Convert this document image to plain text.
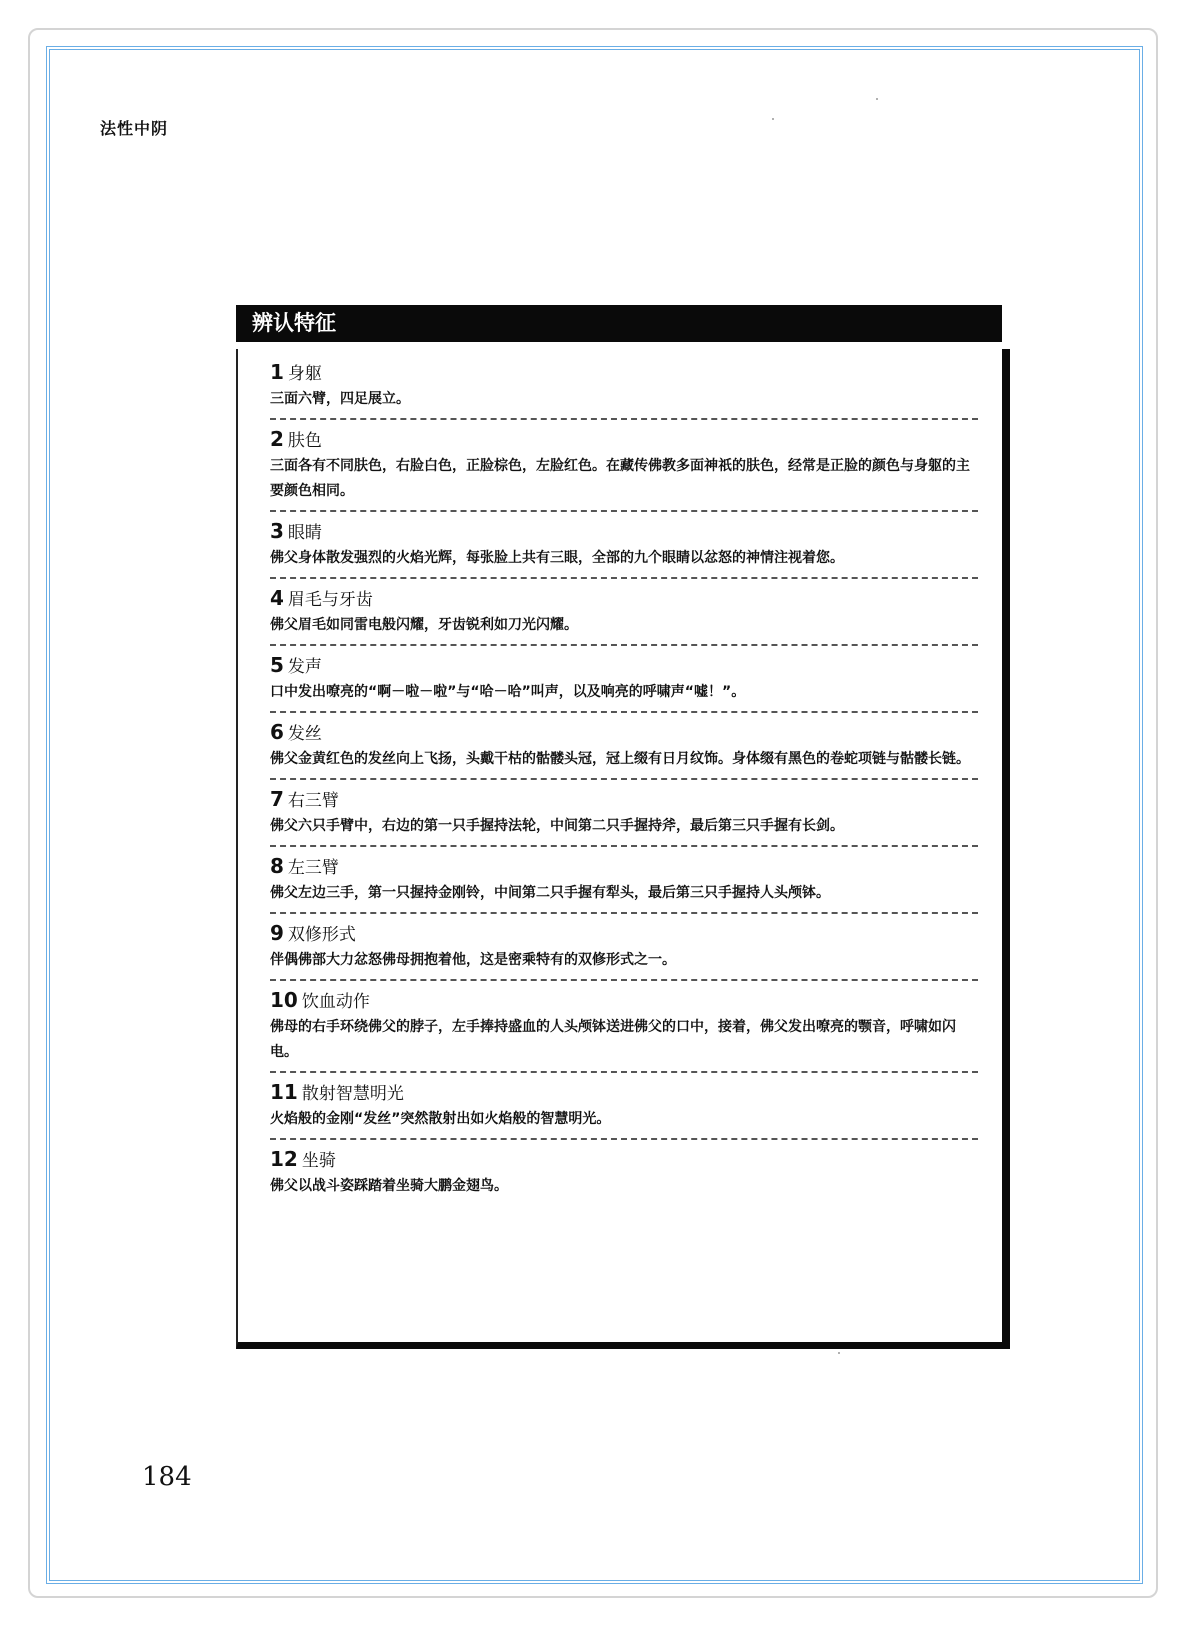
法性中阴
辨认特征
1 身躯
三面六臂，四足展立。
2 肤色
三面各有不同肤色，右脸白色，正脸棕色，左脸红色。在藏传佛教多面神祇的肤色，经常是正脸的颜色与身躯的主要颜色相同。
3 眼睛
佛父身体散发强烈的火焰光辉，每张脸上共有三眼，全部的九个眼睛以忿怒的神情注视着您。
4 眉毛与牙齿
佛父眉毛如同雷电般闪耀，牙齿锐利如刀光闪耀。
5 发声
口中发出嘹亮的“啊－啦－啦”与“哈－哈”叫声，以及响亮的呼啸声“嘘！”。
6 发丝
佛父金黄红色的发丝向上飞扬，头戴干枯的骷髅头冠，冠上缀有日月纹饰。身体缀有黑色的卷蛇项链与骷髅长链。
7 右三臂
佛父六只手臂中，右边的第一只手握持法轮，中间第二只手握持斧，最后第三只手握有长剑。
8 左三臂
佛父左边三手，第一只握持金刚铃，中间第二只手握有犁头，最后第三只手握持人头颅钵。
9 双修形式
伴偶佛部大力忿怒佛母拥抱着他，这是密乘特有的双修形式之一。
10 饮血动作
佛母的右手环绕佛父的脖子，左手捧持盛血的人头颅钵送进佛父的口中，接着，佛父发出嘹亮的颚音，呼啸如闪电。
11 散射智慧明光
火焰般的金刚“发丝”突然散射出如火焰般的智慧明光。
12 坐骑
佛父以战斗姿踩踏着坐骑大鹏金翅鸟。
184
